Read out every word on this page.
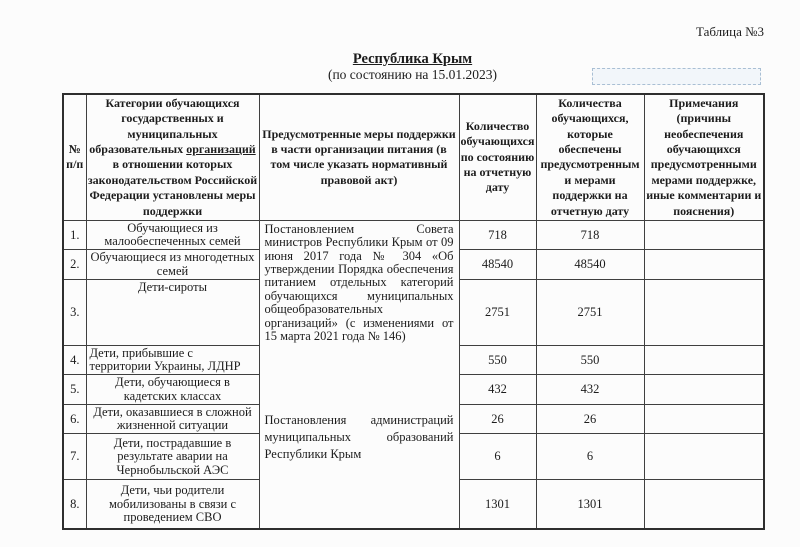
Таблица №3
Республика Крым
(по состоянию на 15.01.2023)
№ п/п	Категории обучающихся государственных и муниципальных образовательных организаций в отношении которых законодательством Российской Федерации установлены меры поддержки	Предусмотренные меры поддержки в части организации питания (в том числе указать нормативный правовой акт)	Количество обучающихся по состоянию на отчетную дату	Количества обучающихся, которые обеспечены предусмотренными мерами поддержки на отчетную дату	Примечания (причины необеспечения обучающихся предусмотренными мерами поддержке, иные комментарии и пояснения)
1.	Обучающиеся из малообеспеченных семей	Постановлением Совета министров Республики Крым от 09 июня 2017 года № 304 «Об утверждении Порядка обеспечения питанием отдельных категорий обучающихся муниципальных общеобразовательных организаций» (с изменениями от 15 марта 2021 года № 146)	718	718	
2.	Обучающиеся из многодетных семей		48540	48540	
3.	Дети-сироты		2751	2751	
4.	Дети, прибывшие с территории Украины, ЛДНР	Постановления администраций муниципальных образований Республики Крым	550	550	
5.	Дети, обучающиеся в кадетских классах		432	432	
6.	Дети, оказавшиеся в сложной жизненной ситуации		26	26	
7.	Дети, пострадавшие в результате аварии на Чернобыльской АЭС		6	6	
8.	Дети, чьи родители мобилизованы в связи с проведением СВО		1301	1301	
